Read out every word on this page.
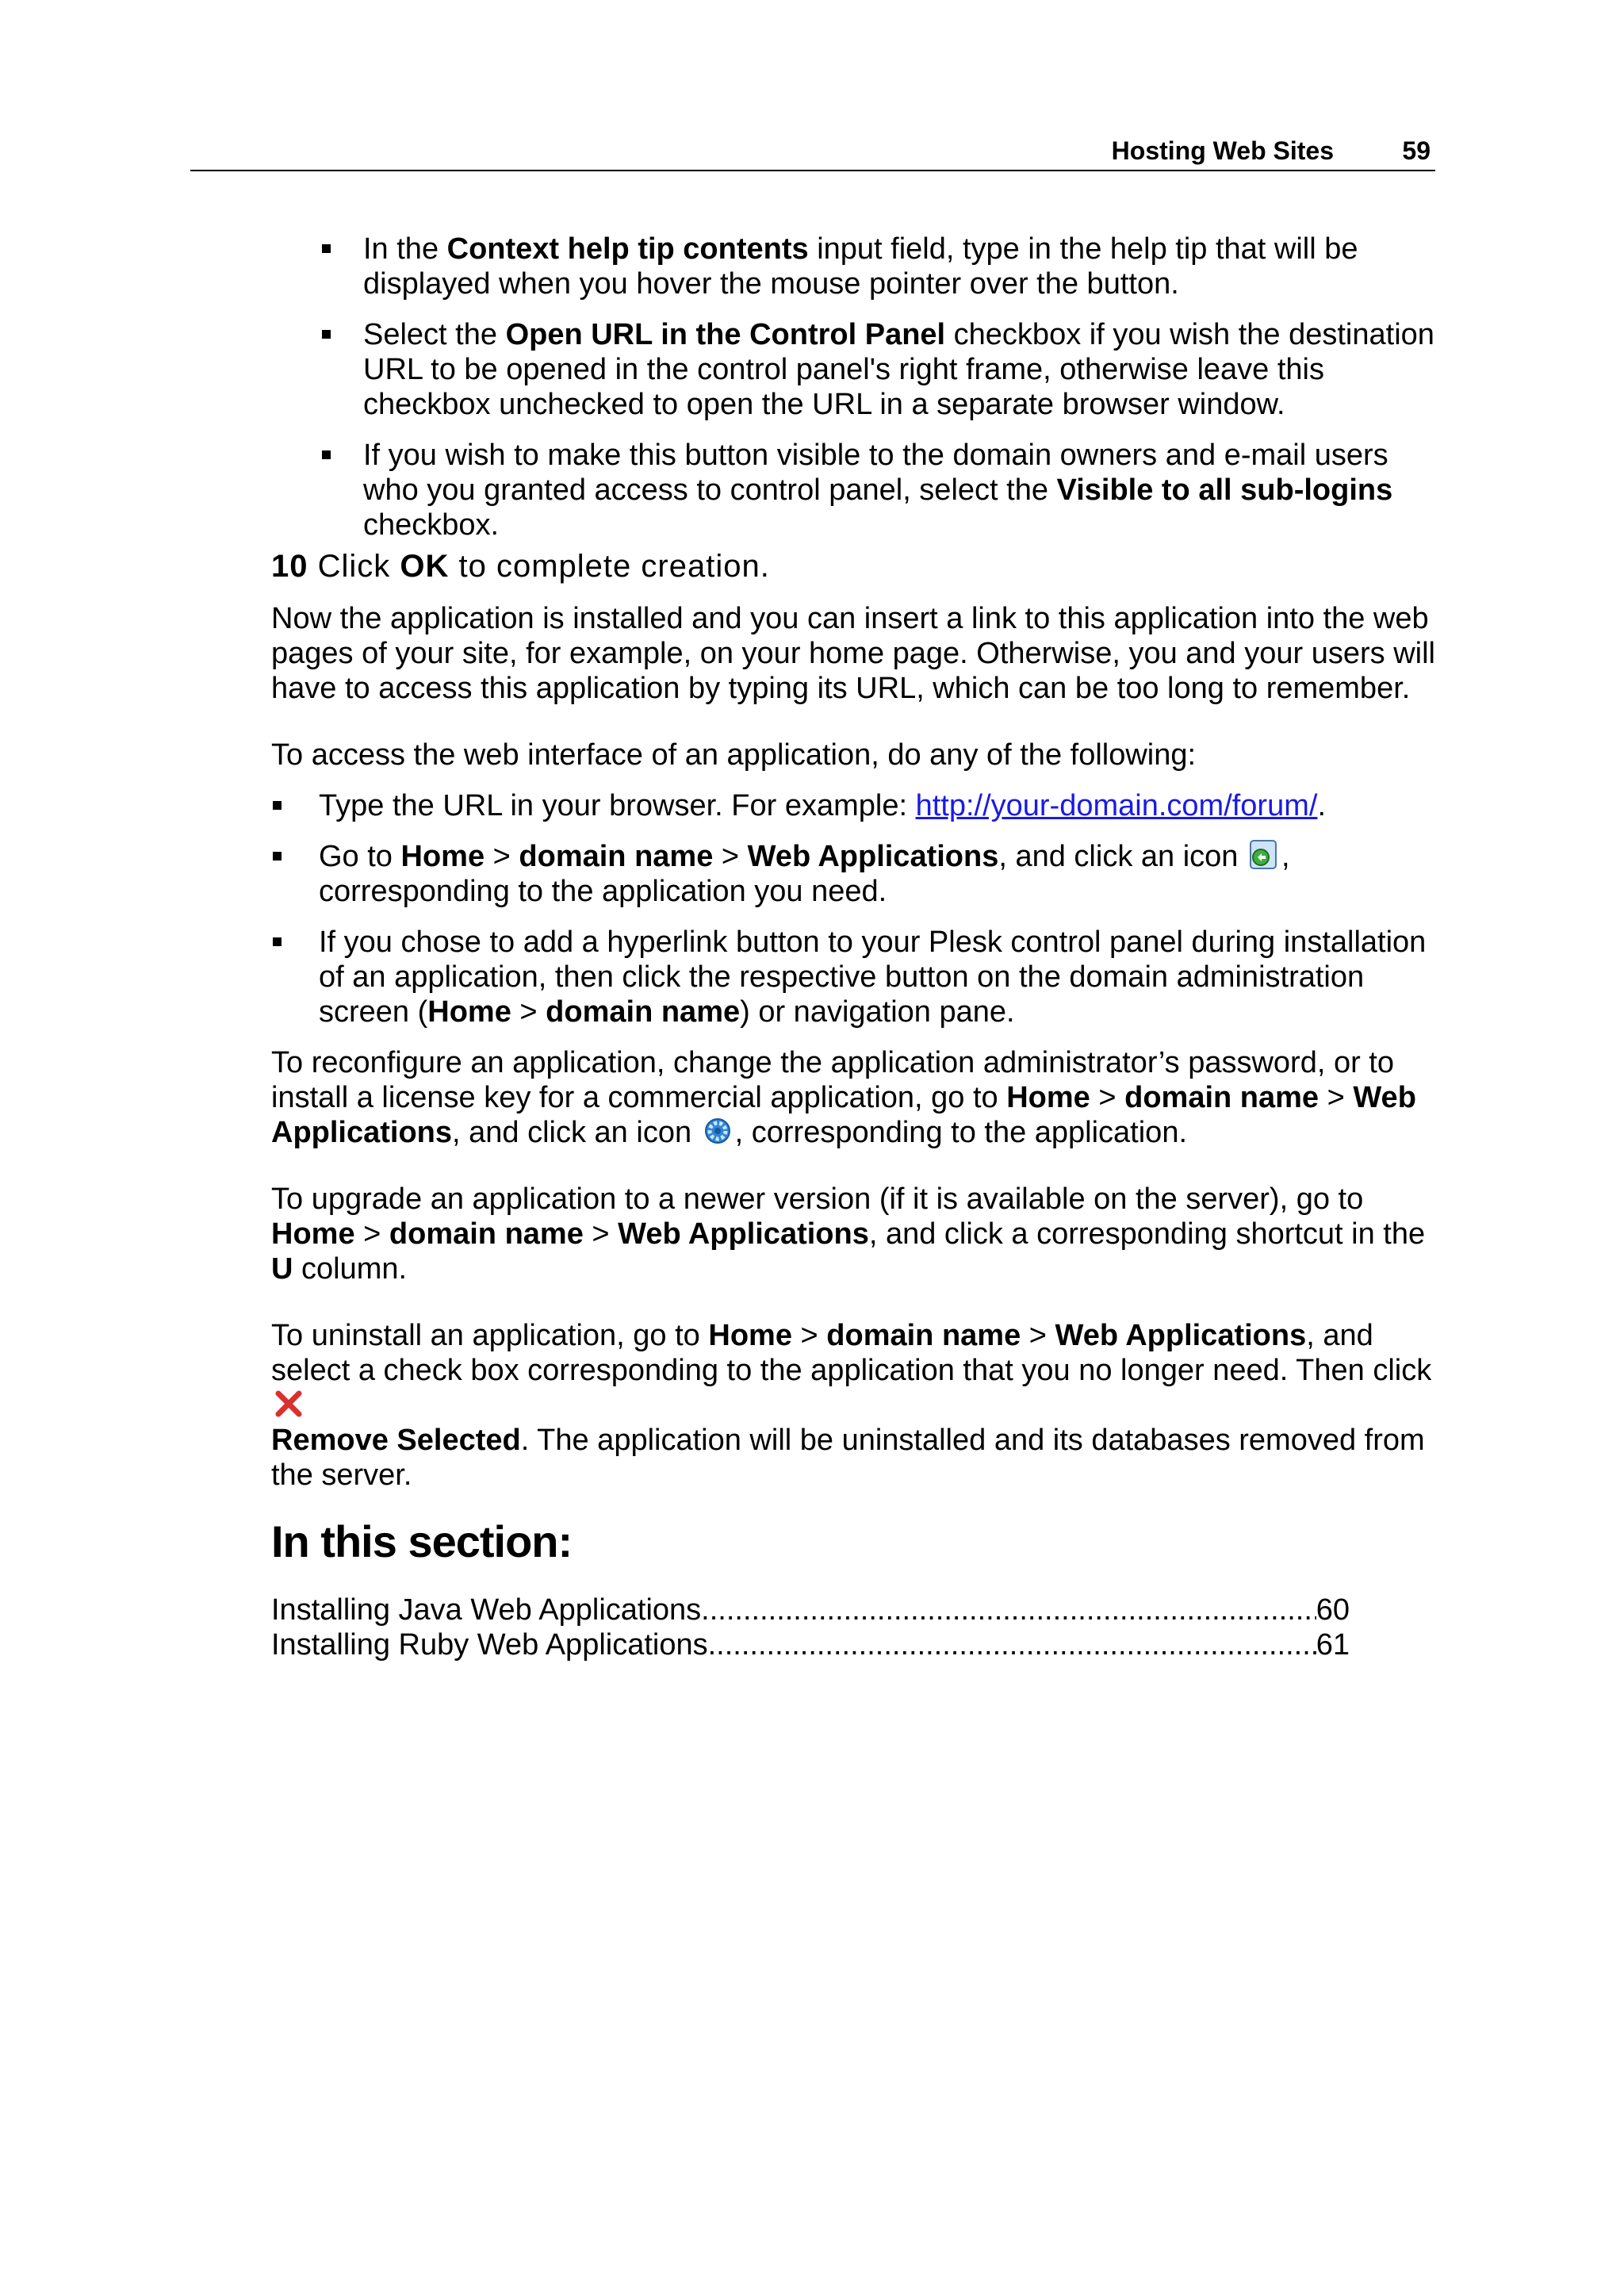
Hosting Web Sites	59
In the Context help tip contents input field, type in the help tip that will be displayed when you hover the mouse pointer over the button.
Select the Open URL in the Control Panel checkbox if you wish the destination URL to be opened in the control panel's right frame, otherwise leave this checkbox unchecked to open the URL in a separate browser window.
If you wish to make this button visible to the domain owners and e-mail users who you granted access to control panel, select the Visible to all sub-logins checkbox.

10 Click OK to complete creation.

Now the application is installed and you can insert a link to this application into the web pages of your site, for example, on your home page. Otherwise, you and your users will have to access this application by typing its URL, which can be too long to remember.

To access the web interface of an application, do any of the following:

Type the URL in your browser. For example: http://your-domain.com/forum/.
Go to Home > domain name > Web Applications, and click an icon , corresponding to the application you need.
If you chose to add a hyperlink button to your Plesk control panel during installation of an application, then click the respective button on the domain administration screen (Home > domain name) or navigation pane.

To reconfigure an application, change the application administrator’s password, or to install a license key for a commercial application, go to Home > domain name > Web Applications, and click an icon , corresponding to the application.

To upgrade an application to a newer version (if it is available on the server), go to Home > domain name > Web Applications, and click a corresponding shortcut in the U column.

To uninstall an application, go to Home > domain name > Web Applications, and select a check box corresponding to the application that you no longer need. Then click
Remove Selected. The application will be uninstalled and its databases removed from the server.

In this section:
Installing Java Web Applications .....	60
Installing Ruby Web Applications .....	61
